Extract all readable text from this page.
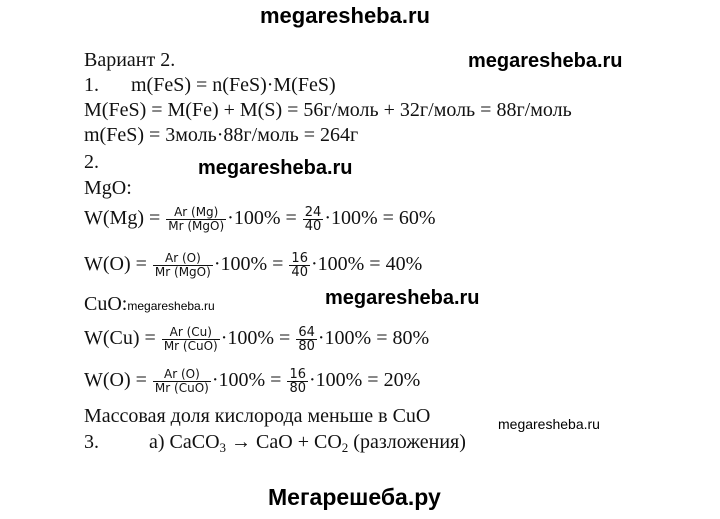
megaresheba.ru
megaresheba.ru
megaresheba.ru
megaresheba.ru
megaresheba.ru
Мегарешеба.ру
Вариант 2.
1. m(FeS) = n(FeS)·M(FeS)
M(FeS) = M(Fe) + M(S) = 56г/моль + 32г/моль = 88г/моль
m(FeS) = 3моль·88г/моль = 264г
2.
MgO:
$W(Mg) = \frac{Ar (Mg)}{\text{Mr (MgO)}} \cdot 100\% = \frac{24}{40} \cdot 100\% = 60\%$
$W(O) = \frac{Ar (O)}{\text{Mr (MgO)}} \cdot 100\% = \frac{16}{40} \cdot 100\% = 40\%$
CuO:megaresheba.ru
$W(Cu) = \frac{Ar (Cu)}{\text{Mr (CuO)}} \cdot 100\% = \frac{64}{80} \cdot 100\% = 80\%$
$W(O) = \frac{Ar (O)}{\text{Mr (CuO)}} \cdot 100\% = \frac{16}{80} \cdot 100\% = 20\%$
Массовая доля кислорода меньше в CuO
3.	а) CaCO$_3$ → CaO + $CO_2$ (разложения)
